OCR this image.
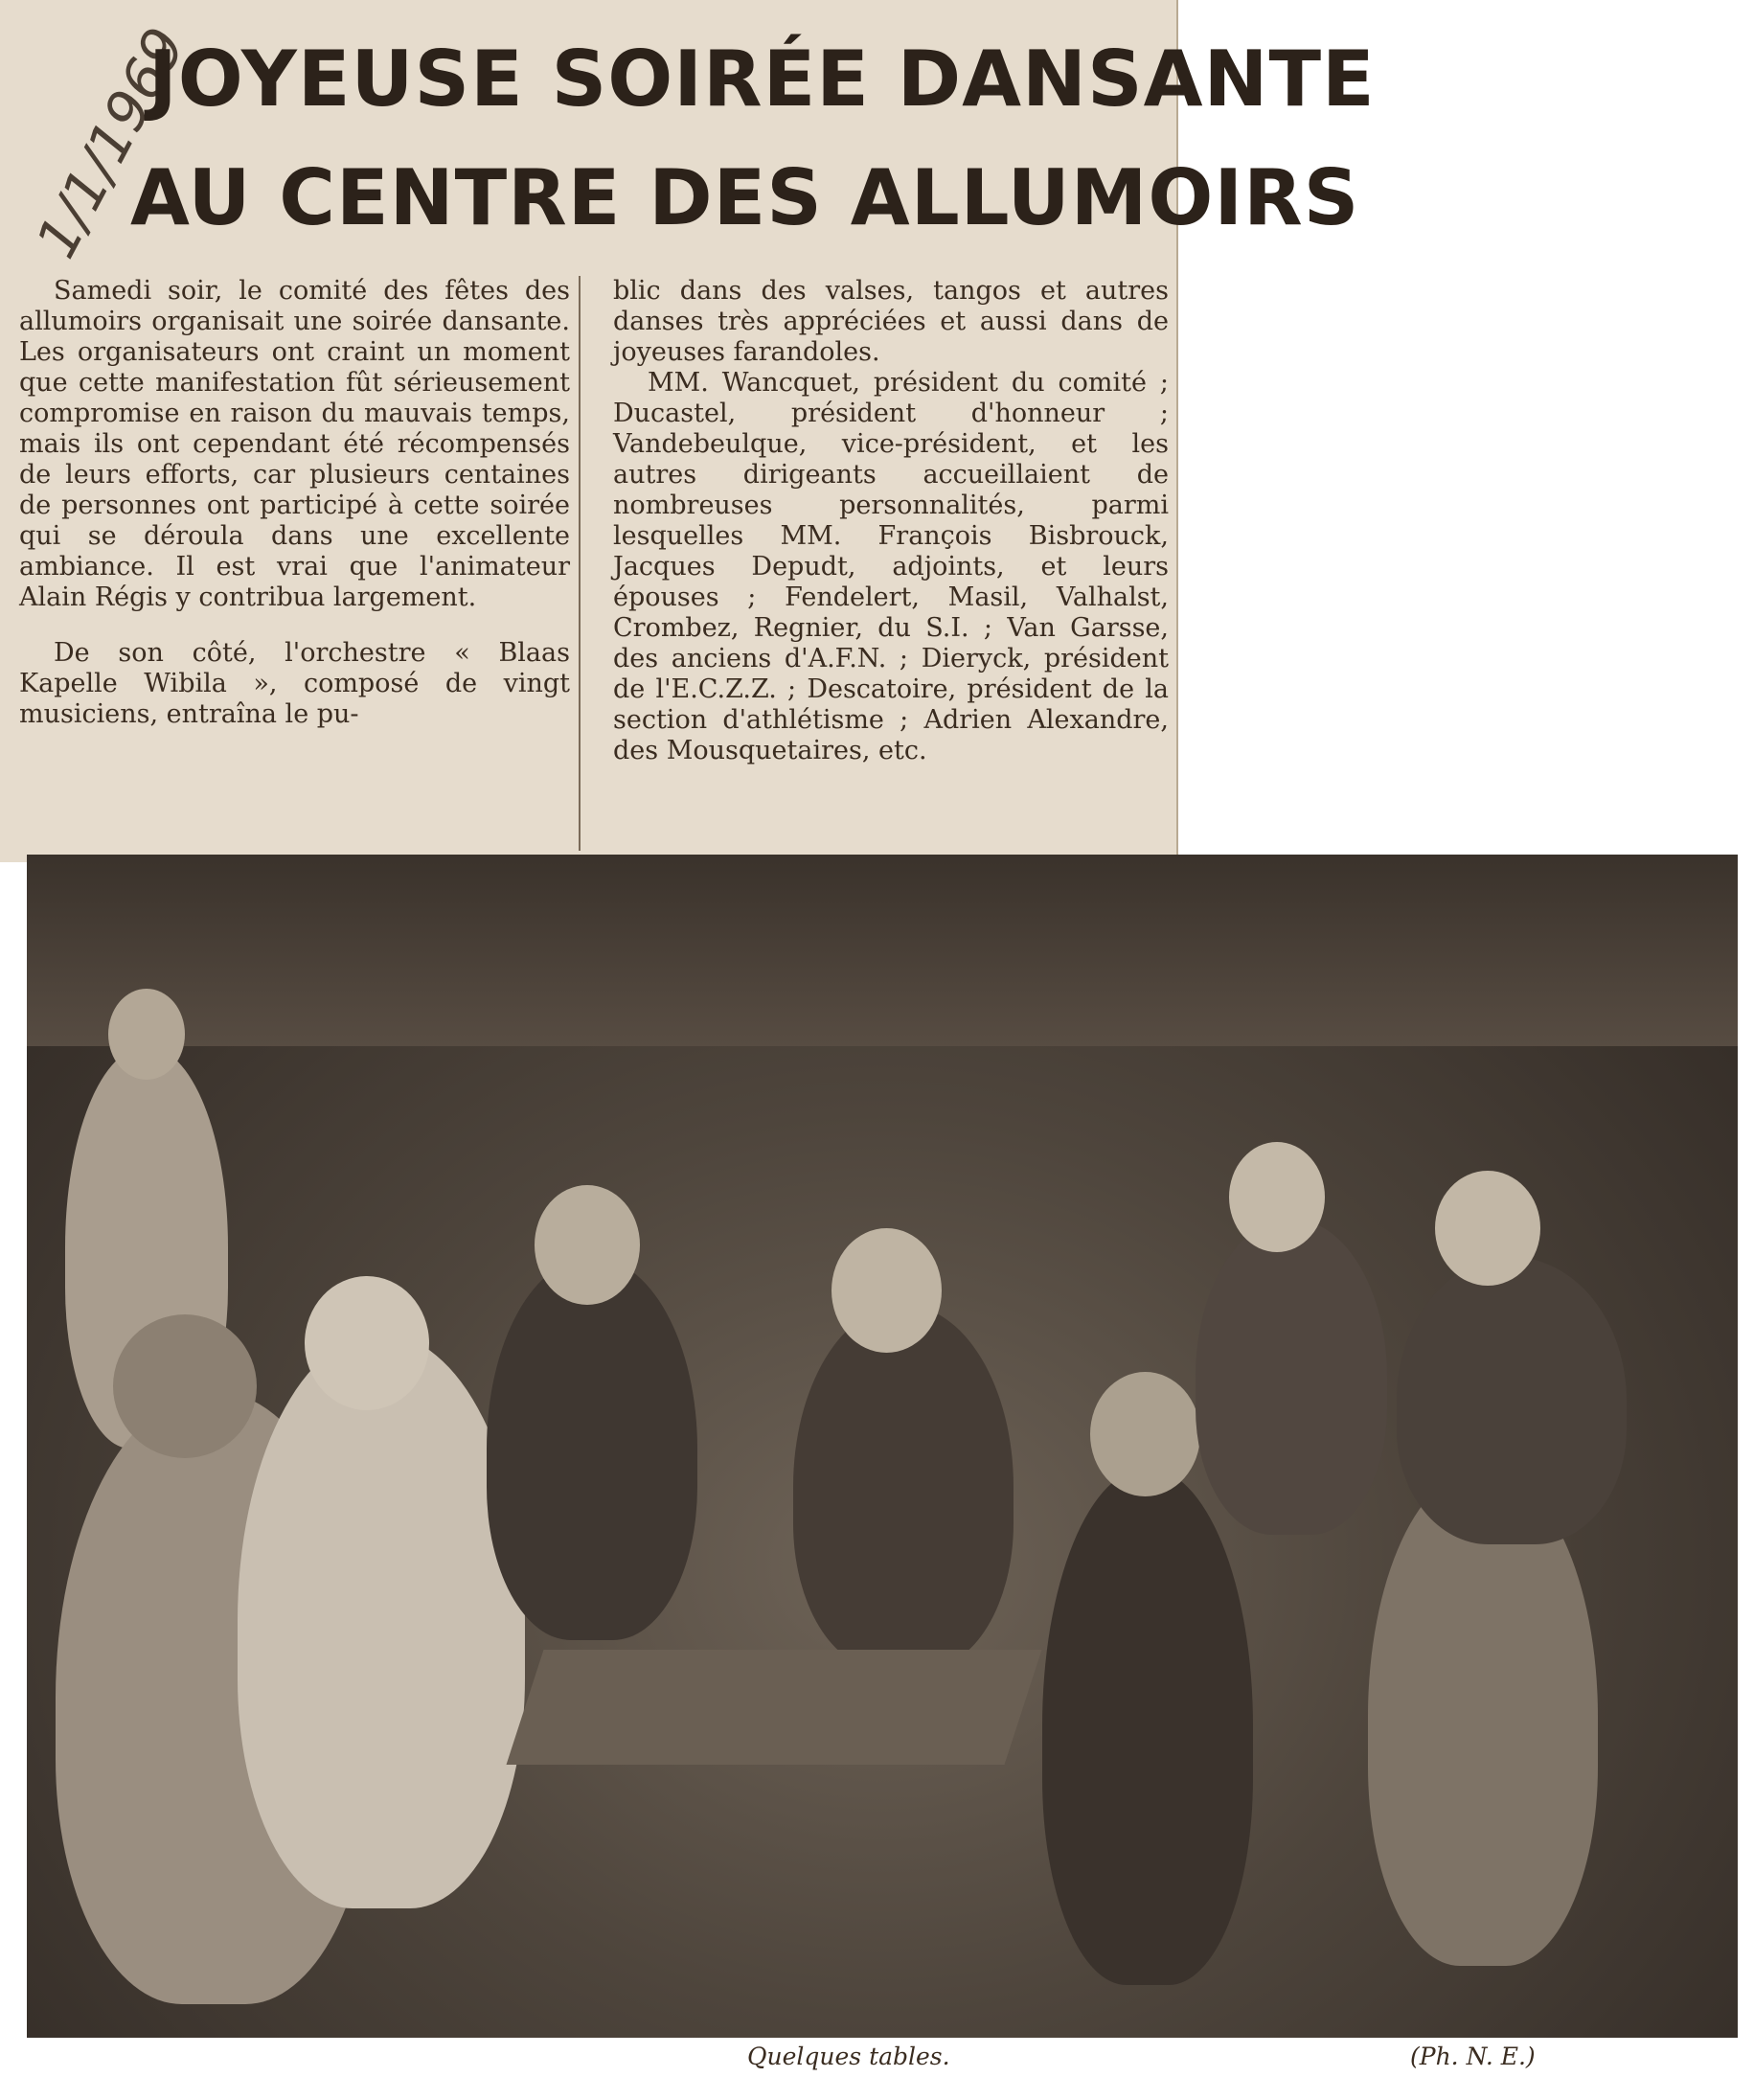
1/1/1969
JOYEUSE SOIRÉE DANSANTE
AU CENTRE DES ALLUMOIRS

Samedi soir, le comité des fêtes des allumoirs organisait une soirée dansante. Les organisateurs ont craint un moment que cette manifestation fût sérieusement compromise en raison du mauvais temps, mais ils ont cependant été récompensés de leurs efforts, car plusieurs centaines de personnes ont participé à cette soirée qui se déroula dans une excellente ambiance. Il est vrai que l'animateur Alain Régis y contribua largement.

De son côté, l'orchestre « Blaas Kapelle Wibila », composé de vingt musiciens, entraîna le pu-

blic dans des valses, tangos et autres danses très appréciées et aussi dans de joyeuses farandoles.

MM. Wancquet, président du comité ; Ducastel, président d'honneur ; Vandebeulque, vice-président, et les autres dirigeants accueillaient de nombreuses personnalités, parmi lesquelles MM. François Bisbrouck, Jacques Depudt, adjoints, et leurs épouses ; Fendelert, Masil, Valhalst, Crombez, Regnier, du S.I. ; Van Garsse, des anciens d'A.F.N. ; Dieryck, président de l'E.C.Z.Z. ; Descatoire, président de la section d'athlétisme ; Adrien Alexandre, des Mousquetaires, etc.

Quelques tables.	(Ph. N. E.)
